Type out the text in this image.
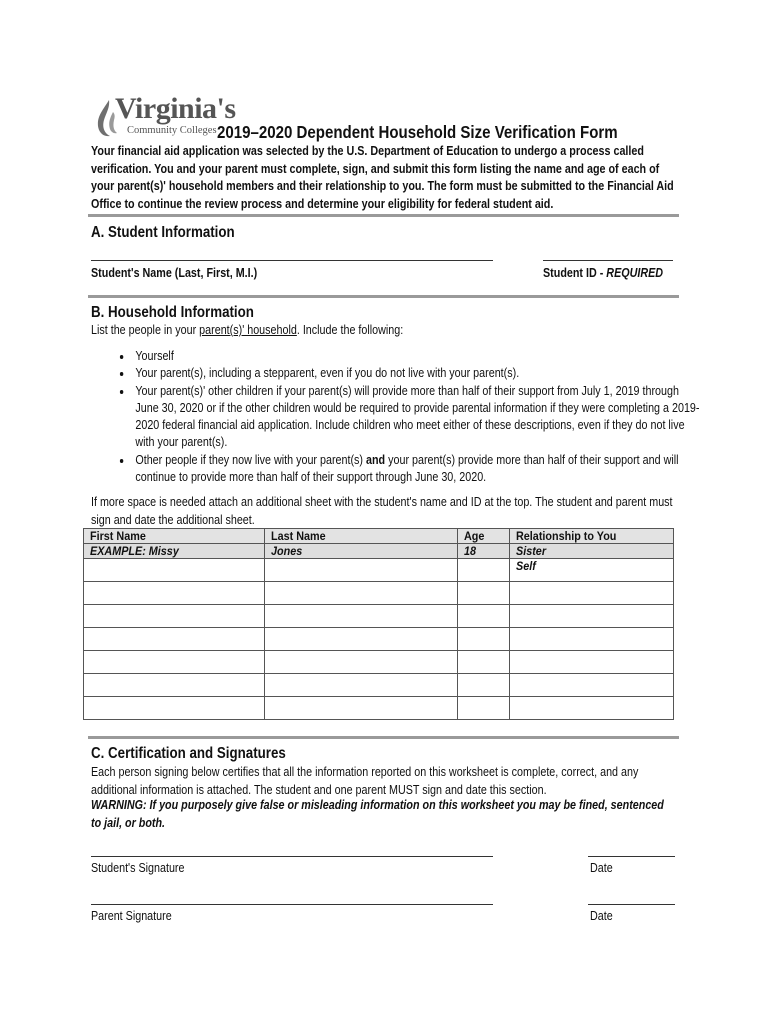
Virginia's
Community Colleges 2019–2020 Dependent Household Size Verification Form
Your financial aid application was selected by the U.S. Department of Education to undergo a process called verification. You and your parent must complete, sign, and submit this form listing the name and age of each of your parent(s)' household members and their relationship to you. The form must be submitted to the Financial Aid Office to continue the review process and determine your eligibility for federal student aid.
A. Student Information
Student's Name (Last, First, M.I.)	Student ID - REQUIRED
B. Household Information
List the people in your parent(s)' household. Include the following:
• Yourself
• Your parent(s), including a stepparent, even if you do not live with your parent(s).
• Your parent(s)' other children if your parent(s) will provide more than half of their support from July 1, 2019 through June 30, 2020 or if the other children would be required to provide parental information if they were completing a 2019-2020 federal financial aid application. Include children who meet either of these descriptions, even if they do not live with your parent(s).
• Other people if they now live with your parent(s) and your parent(s) provide more than half of their support and will continue to provide more than half of their support through June 30, 2020.
If more space is needed attach an additional sheet with the student's name and ID at the top. The student and parent must sign and date the additional sheet.
First Name	Last Name	Age	Relationship to You
EXAMPLE: Missy	Jones	18	Sister
			Self

C. Certification and Signatures
Each person signing below certifies that all the information reported on this worksheet is complete, correct, and any additional information is attached. The student and one parent MUST sign and date this section.
WARNING: If you purposely give false or misleading information on this worksheet you may be fined, sentenced to jail, or both.
Student's Signature	Date
Parent Signature	Date
